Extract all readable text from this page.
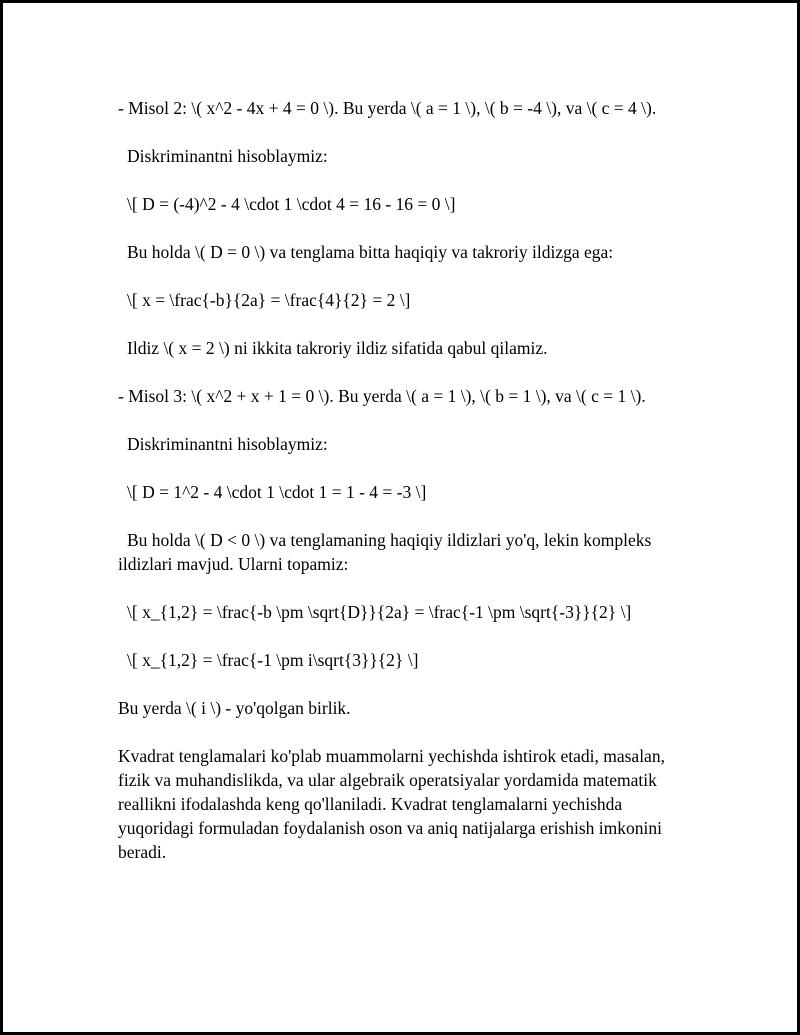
- Misol 2: \( x^2 - 4x + 4 = 0 \). Bu yerda \( a = 1 \), \( b = -4 \), va \( c = 4 \).

Diskriminantni hisoblaymiz:

\[ D = (-4)^2 - 4 \cdot 1 \cdot 4 = 16 - 16 = 0 \]

Bu holda \( D = 0 \) va tenglama bitta haqiqiy va takroriy ildizga ega:

\[ x = \frac{-b}{2a} = \frac{4}{2} = 2 \]

Ildiz \( x = 2 \) ni ikkita takroriy ildiz sifatida qabul qilamiz.

- Misol 3: \( x^2 + x + 1 = 0 \). Bu yerda \( a = 1 \), \( b = 1 \), va \( c = 1 \).

Diskriminantni hisoblaymiz:

\[ D = 1^2 - 4 \cdot 1 \cdot 1 = 1 - 4 = -3 \]

Bu holda \( D < 0 \) va tenglamaning haqiqiy ildizlari yo'q, lekin kompleks ildizlari mavjud. Ularni topamiz:

\[ x_{1,2} = \frac{-b \pm \sqrt{D}}{2a} = \frac{-1 \pm \sqrt{-3}}{2} \]

\[ x_{1,2} = \frac{-1 \pm i\sqrt{3}}{2} \]

Bu yerda \( i \) - yo'qolgan birlik.

Kvadrat tenglamalari ko'plab muammolarni yechishda ishtirok etadi, masalan, fizik va muhandislikda, va ular algebraik operatsiyalar yordamida matematik reallikni ifodalashda keng qo'llaniladi. Kvadrat tenglamalarni yechishda yuqoridagi formuladan foydalanish oson va aniq natijalarga erishish imkonini beradi.
